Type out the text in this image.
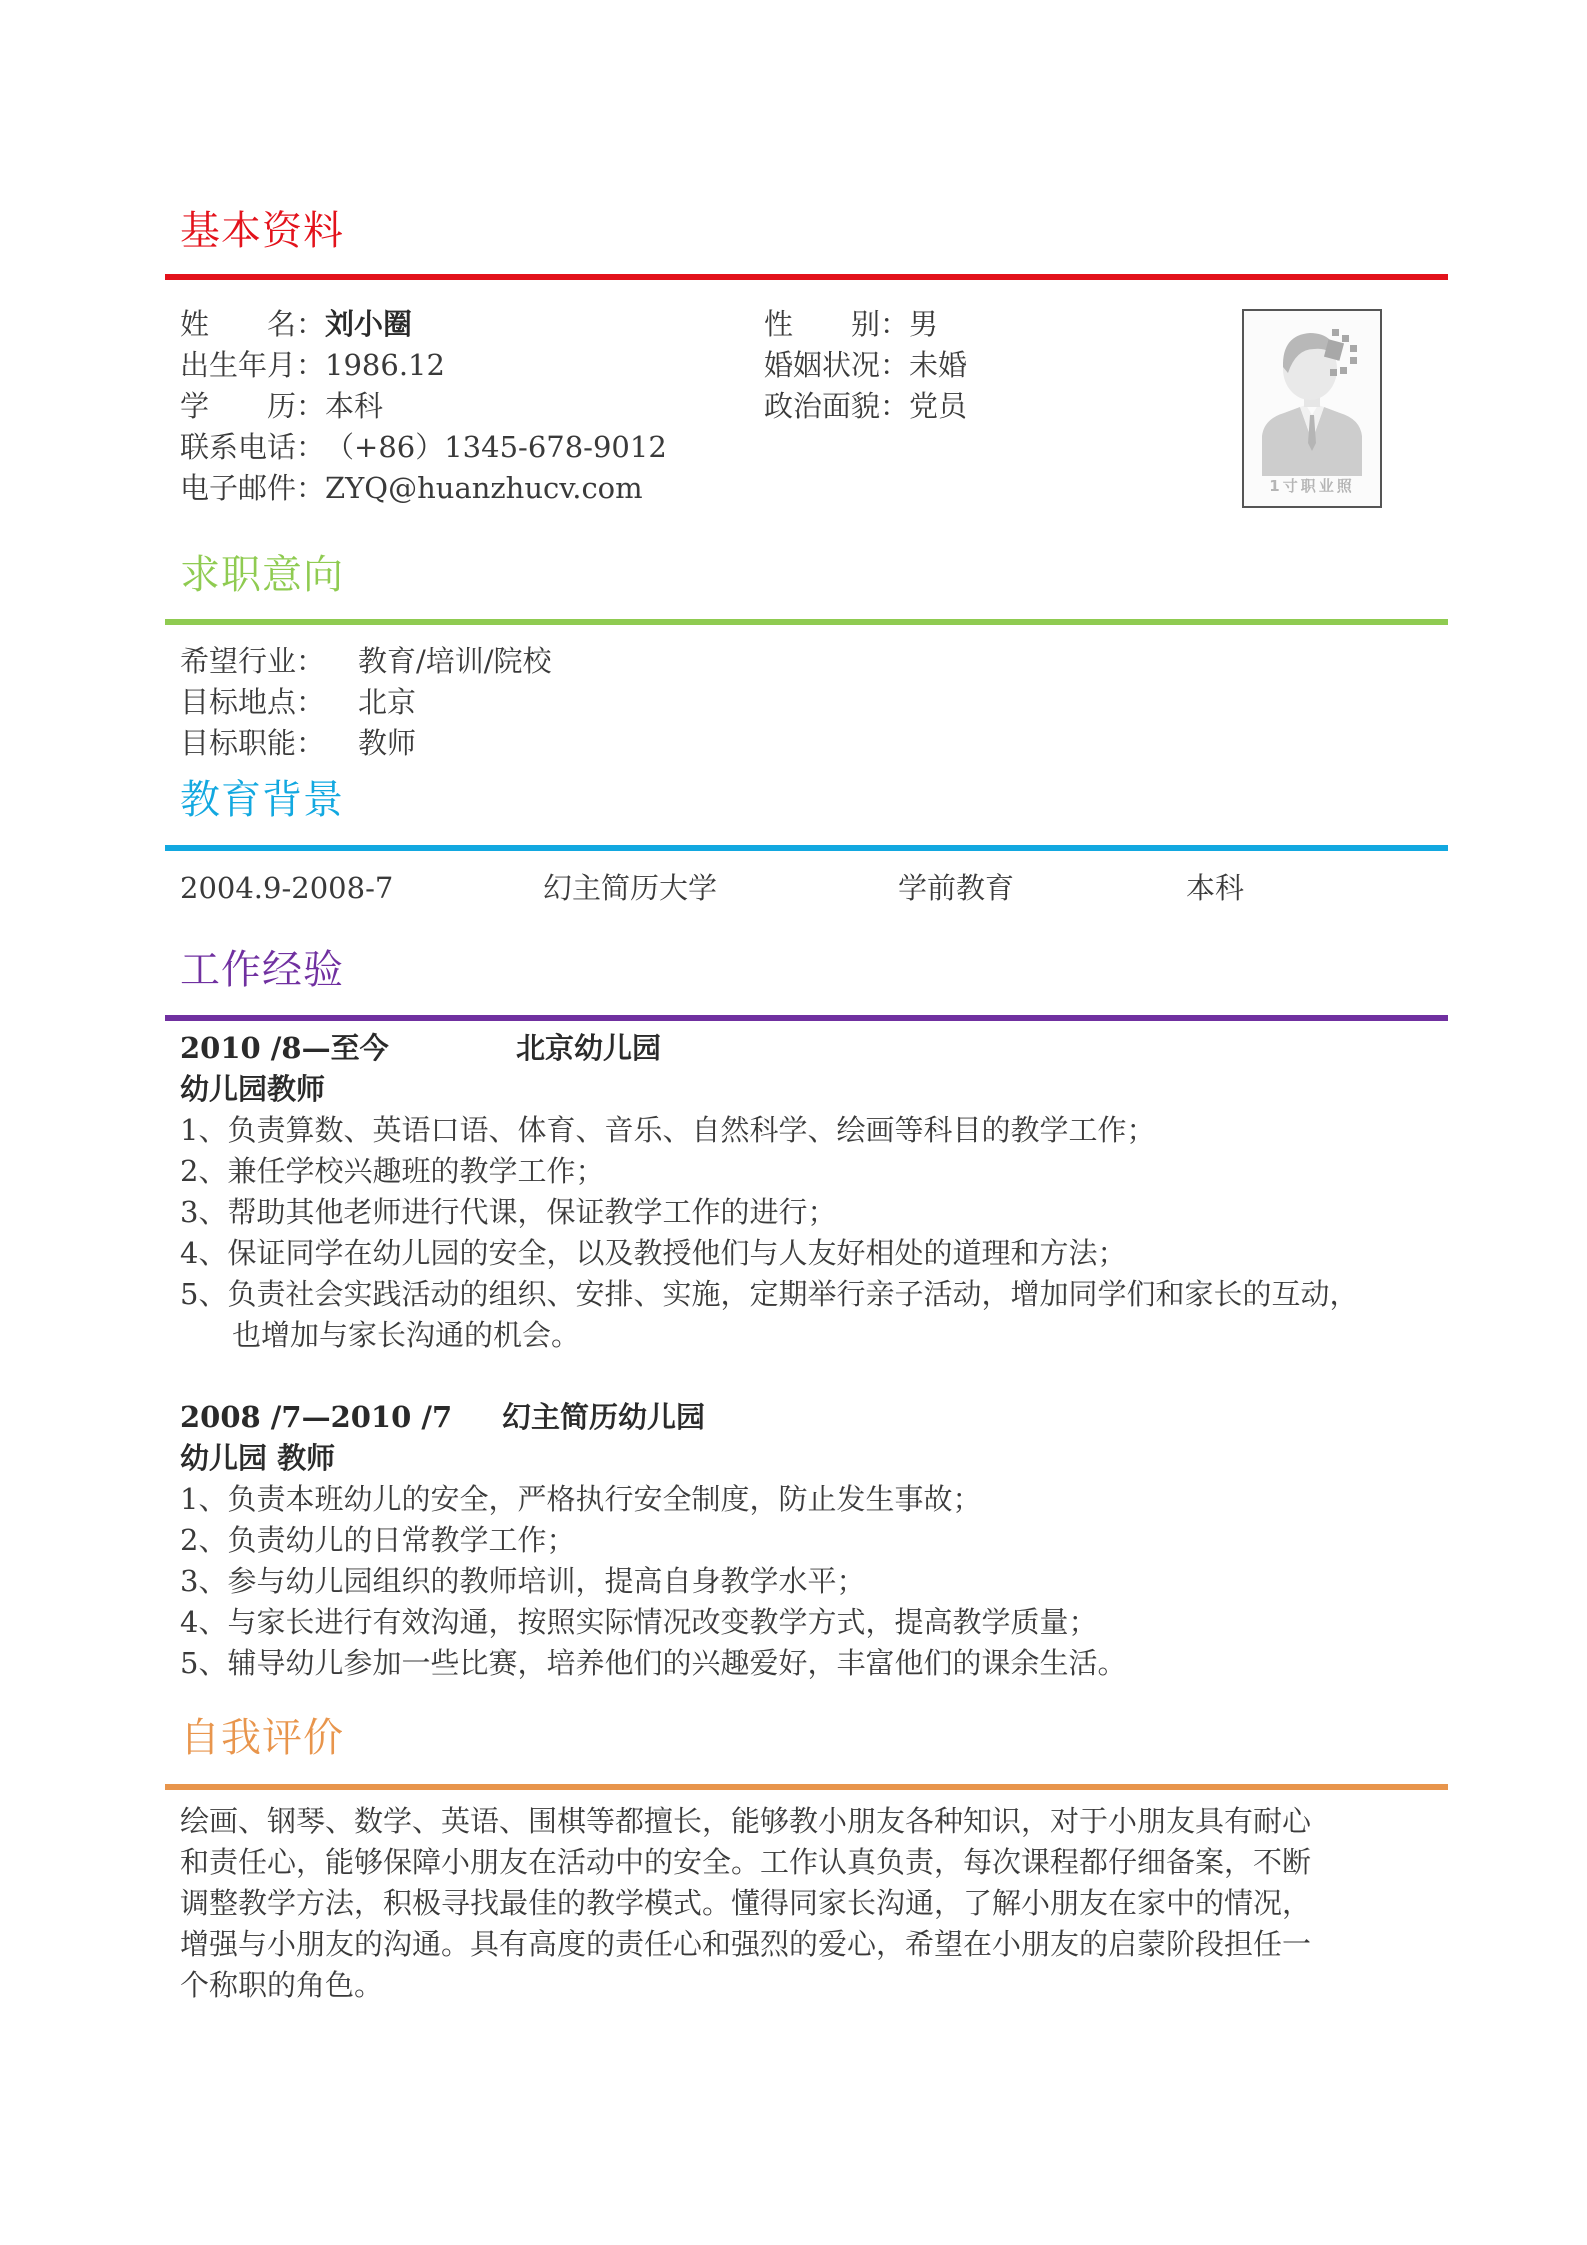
基本资料
姓　　名：刘小圈
出生年月：1986.12
学　　历：本科
联系电话：（+86）1345-678-9012
电子邮件：ZYQ@huanzhucv.com
性　　别：男
婚姻状况：未婚
政治面貌：党员
1寸职业照
求职意向
希望行业： 教育/培训/院校
目标地点： 北京
目标职能： 教师
教育背景
2004.9-2008-7	幻主简历大学	学前教育	本科
工作经验
2010 /8—至今	北京幼儿园
幼儿园教师
1、负责算数、英语口语、体育、音乐、自然科学、绘画等科目的教学工作；
2、兼任学校兴趣班的教学工作；
3、帮助其他老师进行代课，保证教学工作的进行；
4、保证同学在幼儿园的安全，以及教授他们与人友好相处的道理和方法；
5、负责社会实践活动的组织、安排、实施，定期举行亲子活动，增加同学们和家长的互动，
也增加与家长沟通的机会。
2008 /7—2010 /7 幻主简历幼儿园
幼儿园 教师
1、负责本班幼儿的安全，严格执行安全制度，防止发生事故；
2、负责幼儿的日常教学工作；
3、参与幼儿园组织的教师培训，提高自身教学水平；
4、与家长进行有效沟通，按照实际情况改变教学方式，提高教学质量；
5、辅导幼儿参加一些比赛，培养他们的兴趣爱好，丰富他们的课余生活。
自我评价
绘画、钢琴、数学、英语、围棋等都擅长，能够教小朋友各种知识，对于小朋友具有耐心
和责任心，能够保障小朋友在活动中的安全。工作认真负责，每次课程都仔细备案，不断
调整教学方法，积极寻找最佳的教学模式。懂得同家长沟通，了解小朋友在家中的情况，
增强与小朋友的沟通。具有高度的责任心和强烈的爱心，希望在小朋友的启蒙阶段担任一
个称职的角色。
